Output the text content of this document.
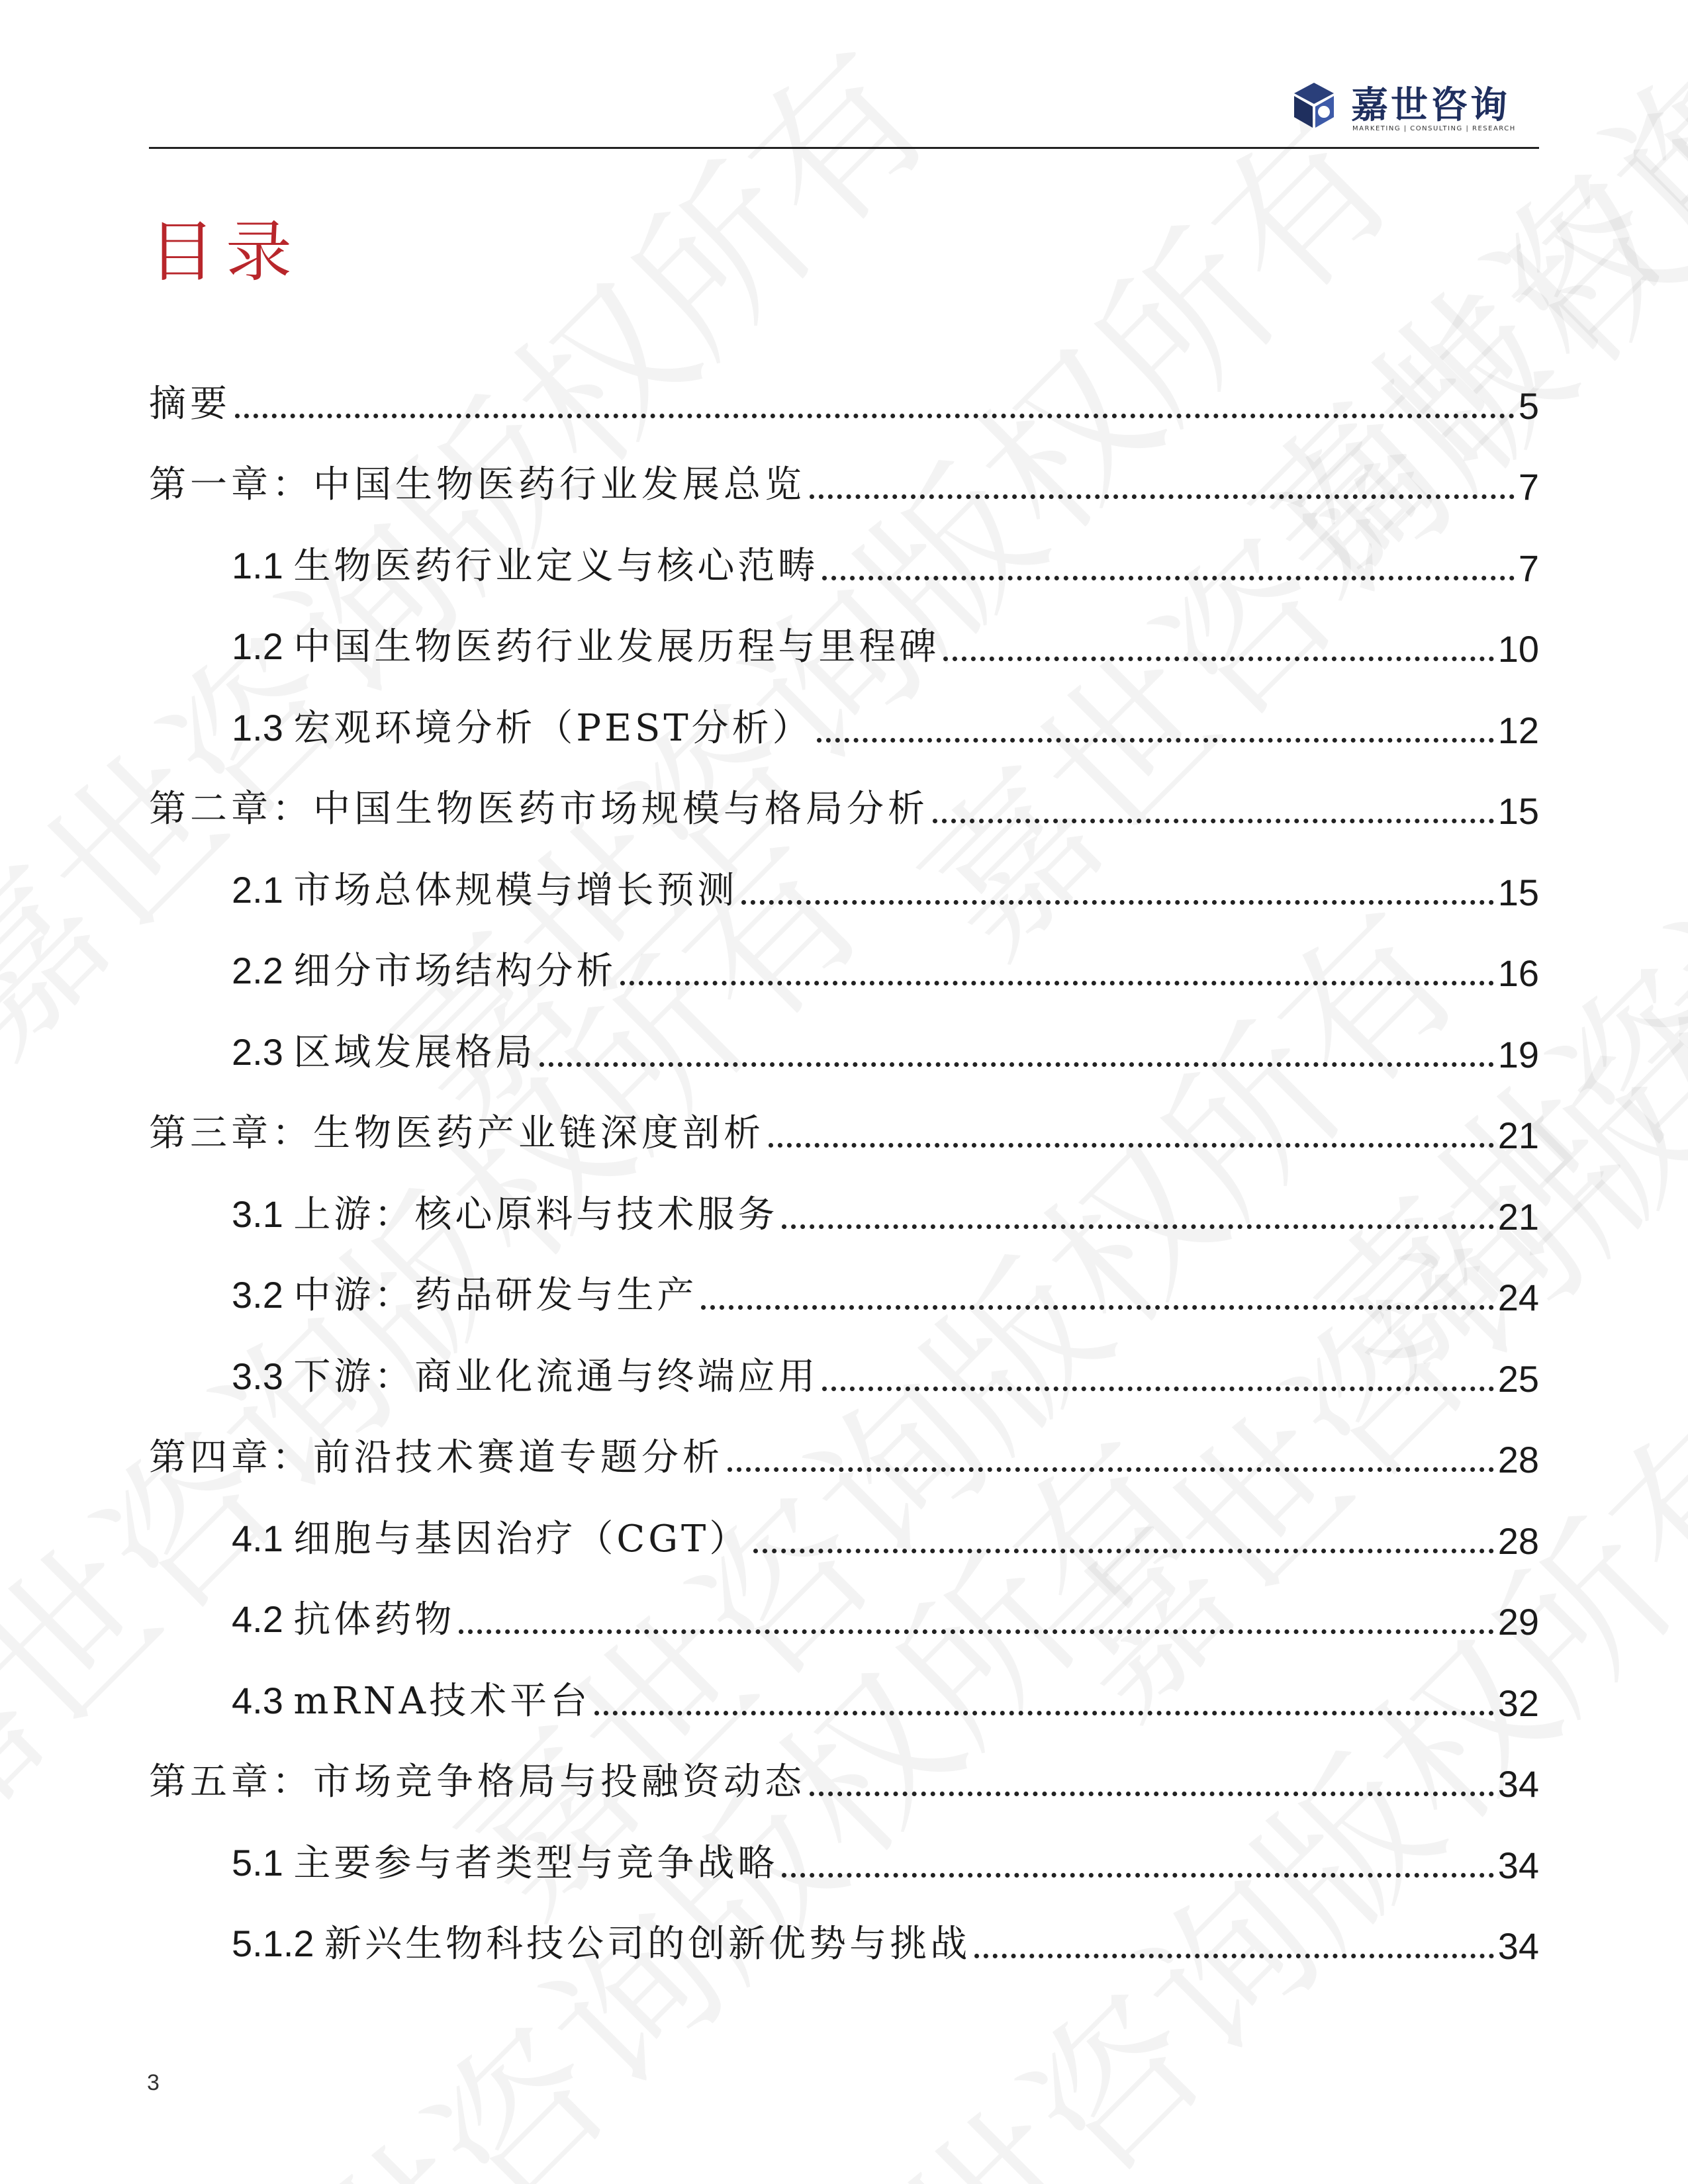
嘉世咨询
MARKETING | CONSULTING | RESEARCH
目录
摘要	5
第一章：中国生物医药行业发展总览	7
1.1 生物医药行业定义与核心范畴	7
1.2 中国生物医药行业发展历程与里程碑	10
1.3 宏观环境分析（PEST分析）	12
第二章：中国生物医药市场规模与格局分析	15
2.1 市场总体规模与增长预测	15
2.2 细分市场结构分析	16
2.3 区域发展格局	19
第三章：生物医药产业链深度剖析	21
3.1 上游：核心原料与技术服务	21
3.2 中游：药品研发与生产	24
3.3 下游：商业化流通与终端应用	25
第四章：前沿技术赛道专题分析	28
4.1 细胞与基因治疗（CGT）	28
4.2 抗体药物	29
4.3 mRNA技术平台	32
第五章：市场竞争格局与投融资动态	34
5.1 主要参与者类型与竞争战略	34
5.1.2 新兴生物科技公司的创新优势与挑战	34
3
